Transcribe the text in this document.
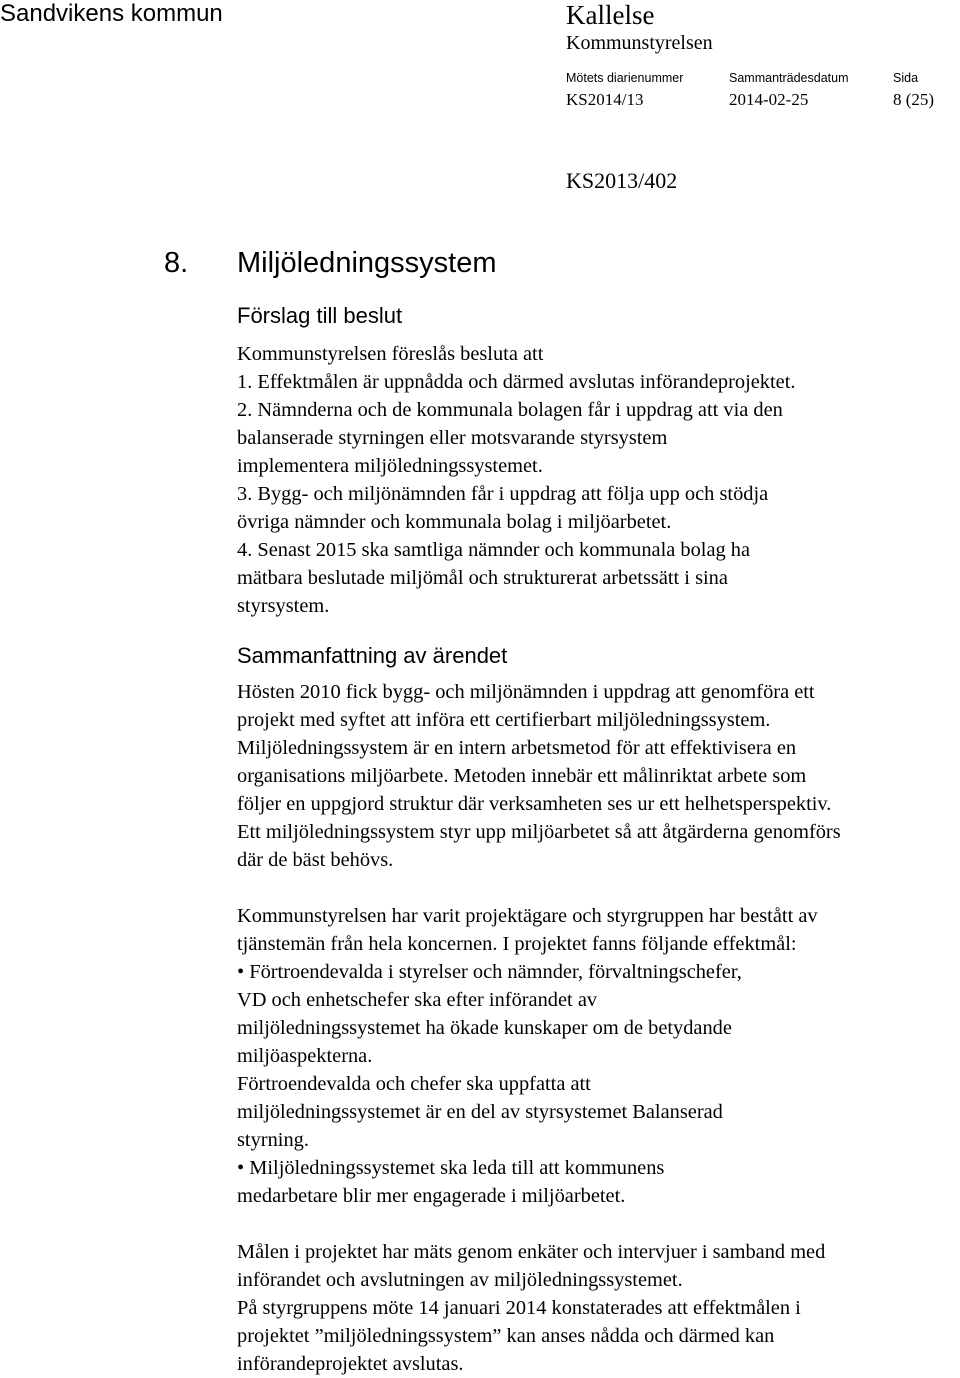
Sandvikens kommun	Kallelse
Kommunstyrelsen
Mötets diarienummer	Sammanträdesdatum	Sida
KS2014/13	2014-02-25	8 (25)
KS2013/402
8. Miljöledningssystem
Förslag till beslut
Kommunstyrelsen föreslås besluta att
1. Effektmålen är uppnådda och därmed avslutas införandeprojektet.
2. Nämnderna och de kommunala bolagen får i uppdrag att via den
balanserade styrningen eller motsvarande styrsystem
implementera miljöledningssystemet.
3. Bygg- och miljönämnden får i uppdrag att följa upp och stödja
övriga nämnder och kommunala bolag i miljöarbetet.
4. Senast 2015 ska samtliga nämnder och kommunala bolag ha
mätbara beslutade miljömål och strukturerat arbetssätt i sina
styrsystem.
Sammanfattning av ärendet
Hösten 2010 fick bygg- och miljönämnden i uppdrag att genomföra ett
projekt med syftet att införa ett certifierbart miljöledningssystem.
Miljöledningssystem är en intern arbetsmetod för att effektivisera en
organisations miljöarbete. Metoden innebär ett målinriktat arbete som
följer en uppgjord struktur där verksamheten ses ur ett helhetsperspektiv.
Ett miljöledningssystem styr upp miljöarbetet så att åtgärderna genomförs
där de bäst behövs.
Kommunstyrelsen har varit projektägare och styrgruppen har bestått av
tjänstemän från hela koncernen. I projektet fanns följande effektmål:
• Förtroendevalda i styrelser och nämnder, förvaltningschefer,
VD och enhetschefer ska efter införandet av
miljöledningssystemet ha ökade kunskaper om de betydande
miljöaspekterna.
Förtroendevalda och chefer ska uppfatta att
miljöledningssystemet är en del av styrsystemet Balanserad
styrning.
• Miljöledningssystemet ska leda till att kommunens
medarbetare blir mer engagerade i miljöarbetet.
Målen i projektet har mäts genom enkäter och intervjuer i samband med
införandet och avslutningen av miljöledningssystemet.
På styrgruppens möte 14 januari 2014 konstaterades att effektmålen i
projektet ”miljöledningssystem” kan anses nådda och därmed kan
införandeprojektet avslutas.
